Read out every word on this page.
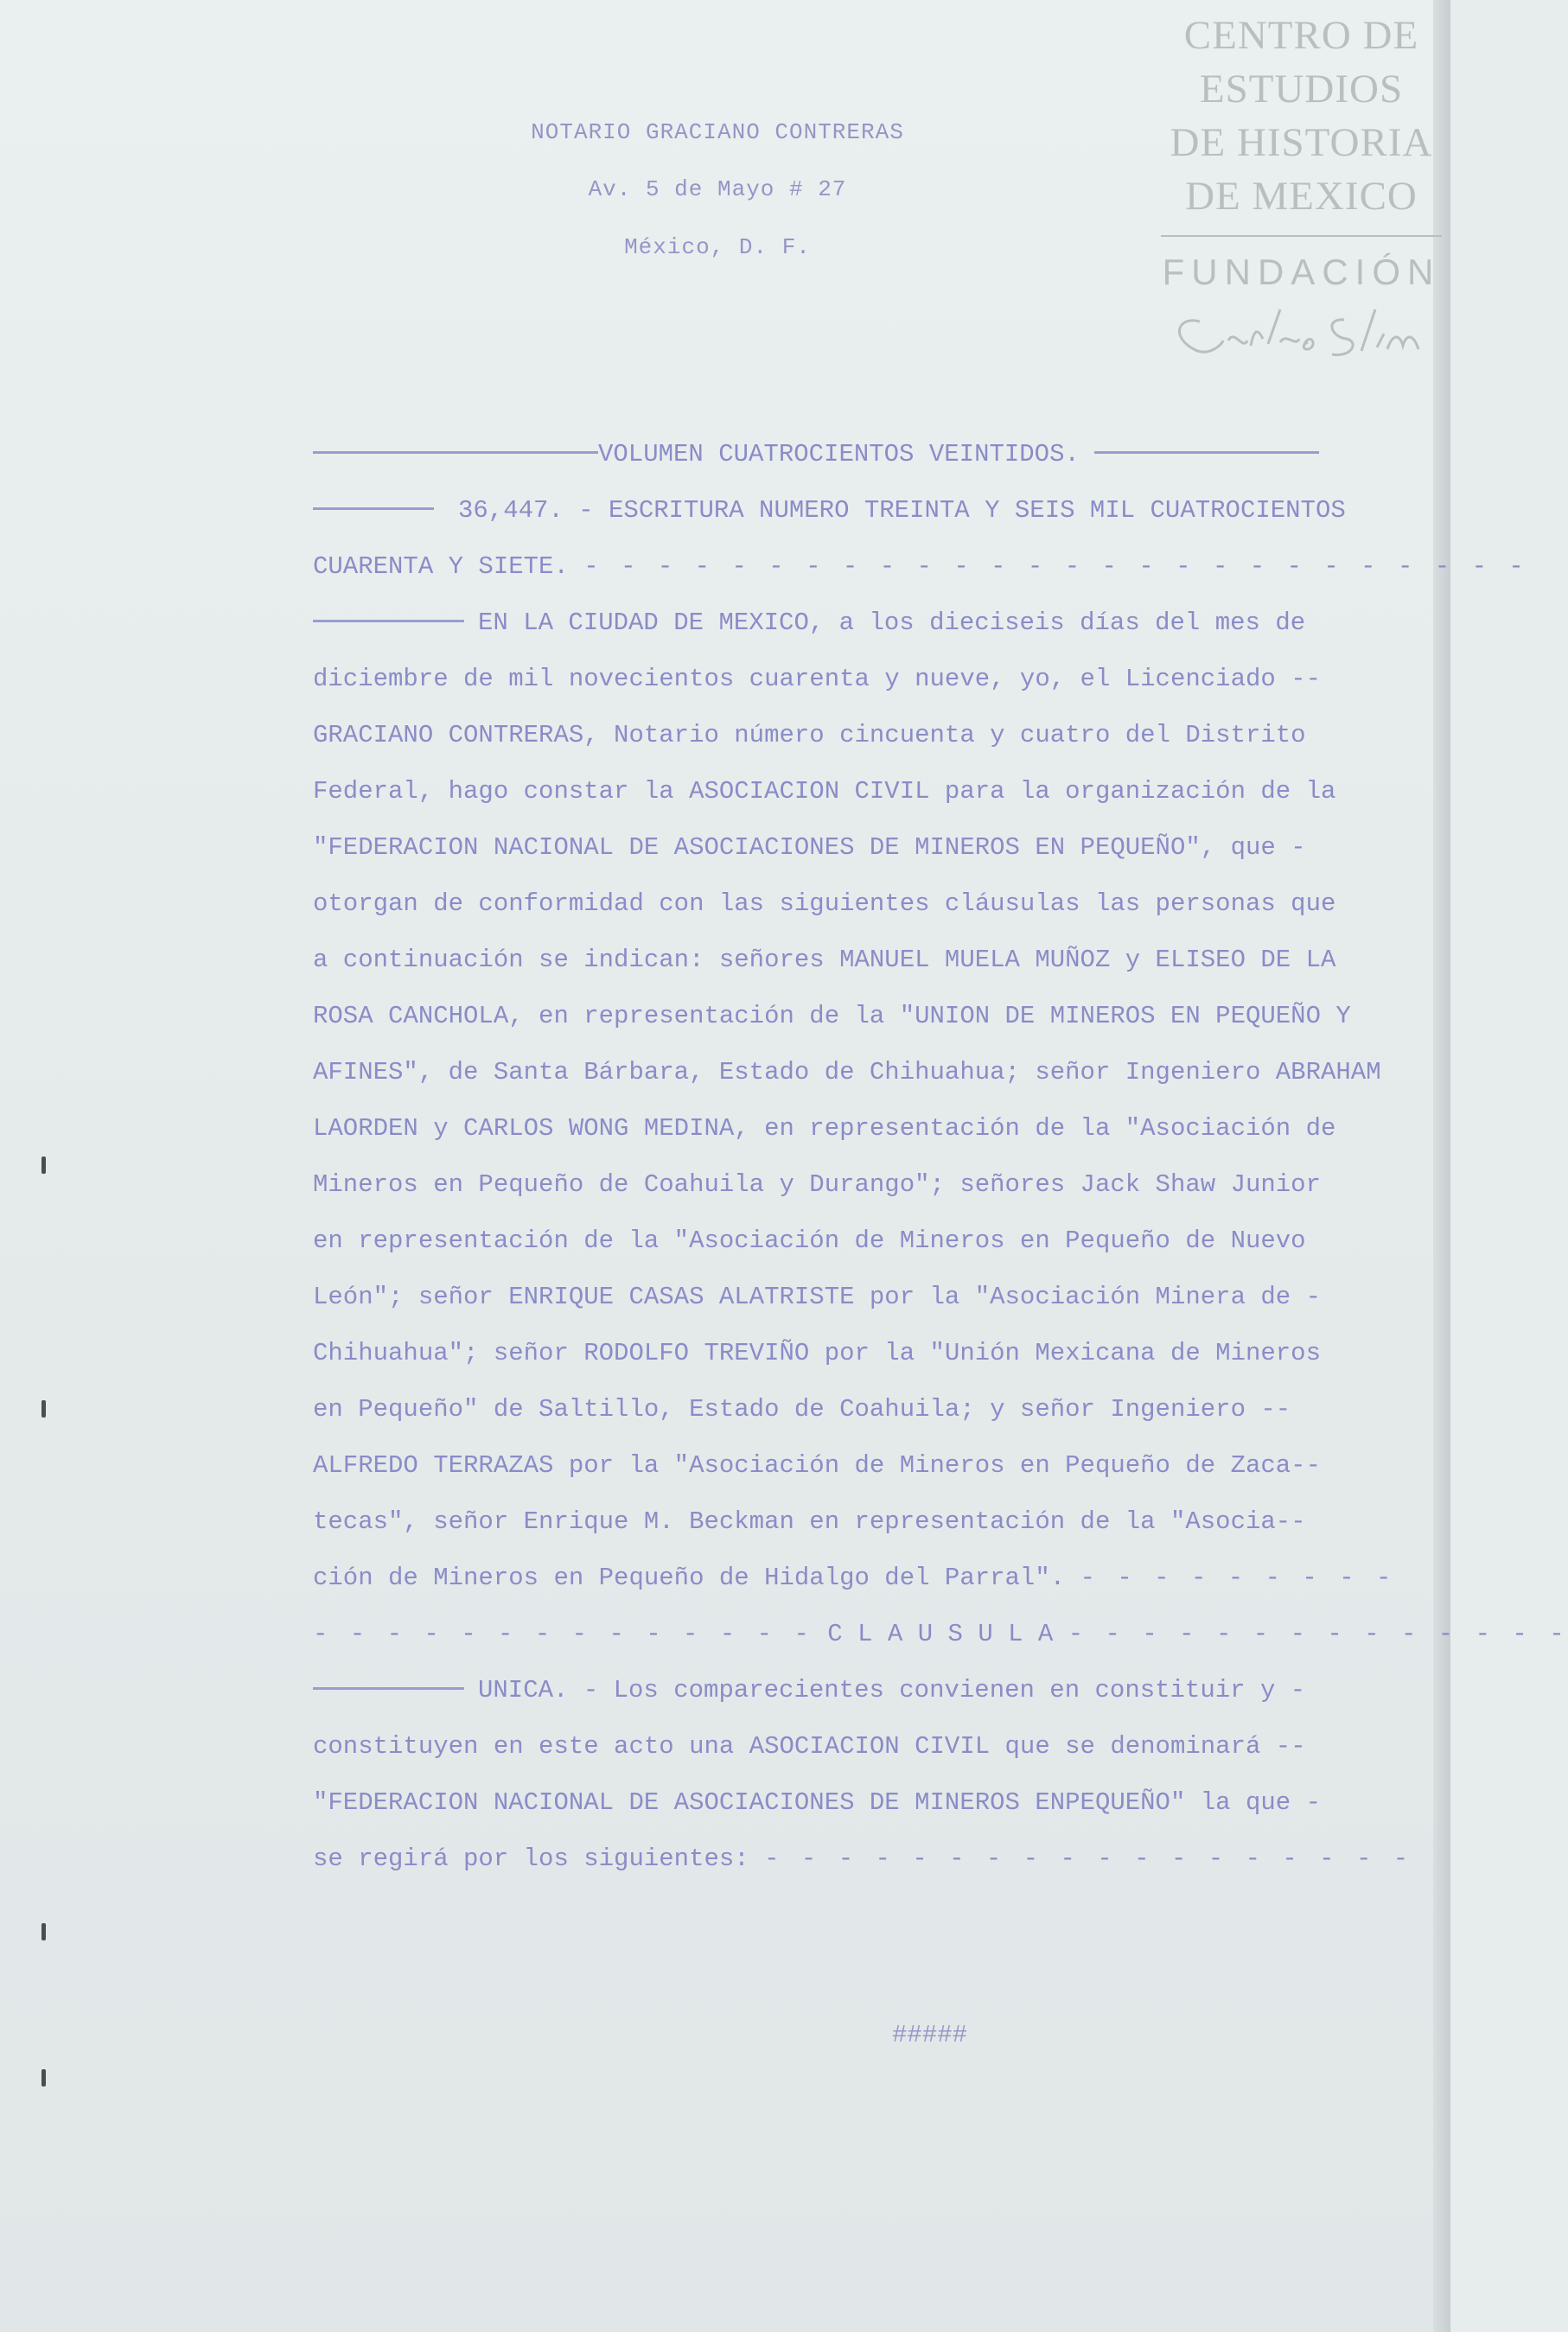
CENTRO DE
ESTUDIOS
DE HISTORIA
DE MEXICO
FUNDACIÓN
NOTARIO GRACIANO CONTRERAS
Av. 5 de Mayo # 27
México, D. F.
VOLUMEN CUATROCIENTOS VEINTIDOS.
36,447. - ESCRITURA NUMERO TREINTA Y SEIS MIL CUATROCIENTOS
CUARENTA Y SIETE. - - - - - - - - - - - - - - - - - - - - - - - - - -
EN LA CIUDAD DE MEXICO, a los dieciseis días del mes de
diciembre de mil novecientos cuarenta y nueve, yo, el Licenciado --
GRACIANO CONTRERAS, Notario número cincuenta y cuatro del Distrito
Federal, hago constar la ASOCIACION CIVIL para la organización de la
"FEDERACION NACIONAL DE ASOCIACIONES DE MINEROS EN PEQUEÑO", que -
otorgan de conformidad con las siguientes cláusulas las personas que
a continuación se indican: señores MANUEL MUELA MUÑOZ y ELISEO DE LA
ROSA CANCHOLA, en representación de la "UNION DE MINEROS EN PEQUEÑO Y
AFINES", de Santa Bárbara, Estado de Chihuahua; señor Ingeniero ABRAHAM
LAORDEN y CARLOS WONG MEDINA, en representación de la "Asociación de
Mineros en Pequeño de Coahuila y Durango"; señores Jack Shaw Junior
en representación de la "Asociación de Mineros en Pequeño de Nuevo
León"; señor ENRIQUE CASAS ALATRISTE por la "Asociación Minera de -
Chihuahua"; señor RODOLFO TREVIÑO por la "Unión Mexicana de Mineros
en Pequeño" de Saltillo, Estado de Coahuila; y señor Ingeniero --
ALFREDO TERRAZAS por la "Asociación de Mineros en Pequeño de Zaca--
tecas", señor Enrique M. Beckman en representación de la "Asocia--
ción de Mineros en Pequeño de Hidalgo del Parral". - - - - - - - - -
- - - - - - - - - - - - - - C L A U S U L A - - - - - - - - - - - - - -
UNICA. - Los comparecientes convienen en constituir y -
constituyen en este acto una ASOCIACION CIVIL que se denominará --
"FEDERACION NACIONAL DE ASOCIACIONES DE MINEROS ENPEQUEÑO" la que -
se regirá por los siguientes: - - - - - - - - - - - - - - - - - -
#####
